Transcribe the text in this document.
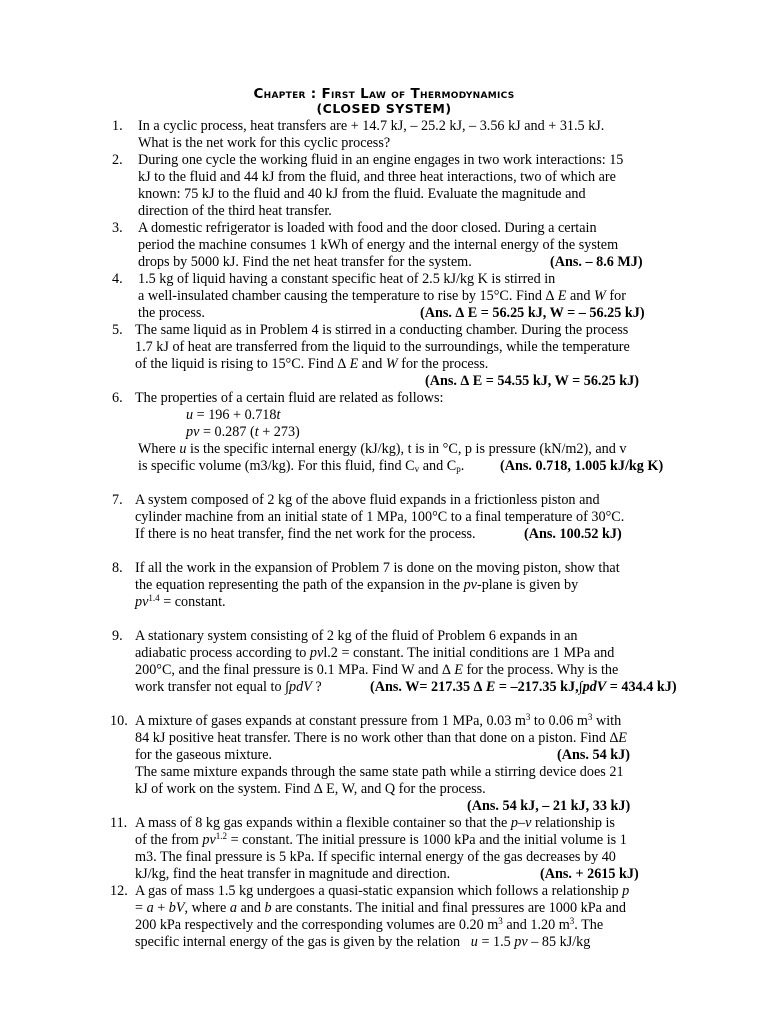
Chapter : First Law of Thermodynamics
(CLOSED SYSTEM)
1. In a cyclic process, heat transfers are + 14.7 kJ, – 25.2 kJ, – 3.56 kJ and + 31.5 kJ.
What is the net work for this cyclic process?
2. During one cycle the working fluid in an engine engages in two work interactions: 15
kJ to the fluid and 44 kJ from the fluid, and three heat interactions, two of which are
known: 75 kJ to the fluid and 40 kJ from the fluid. Evaluate the magnitude and
direction of the third heat transfer.
3. A domestic refrigerator is loaded with food and the door closed. During a certain
period the machine consumes 1 kWh of energy and the internal energy of the system
drops by 5000 kJ. Find the net heat transfer for the system.	(Ans. – 8.6 MJ)
4. 1.5 kg of liquid having a constant specific heat of 2.5 kJ/kg K is stirred in
a well-insulated chamber causing the temperature to rise by 15°C. Find ∆ E and W for
the process.	(Ans. ∆ E = 56.25 kJ, W = – 56.25 kJ)
5. The same liquid as in Problem 4 is stirred in a conducting chamber. During the process
1.7 kJ of heat are transferred from the liquid to the surroundings, while the temperature
of the liquid is rising to 15°C. Find ∆ E and W for the process.
(Ans. ∆ E = 54.55 kJ, W = 56.25 kJ)
6. The properties of a certain fluid are related as follows:
u = 196 + 0.718t
pv = 0.287 (t + 273)
Where u is the specific internal energy (kJ/kg), t is in °C, p is pressure (kN/m2), and v
is specific volume (m3/kg). For this fluid, find $C_v$ and $C_p$.	(Ans. 0.718, 1.005 kJ/kg K)
7. A system composed of 2 kg of the above fluid expands in a frictionless piston and
cylinder machine from an initial state of 1 MPa, 100°C to a final temperature of 30°C.
If there is no heat transfer, find the net work for the process.	(Ans. 100.52 kJ)
8. If all the work in the expansion of Problem 7 is done on the moving piston, show that
the equation representing the path of the expansion in the pv-plane is given by
$pv^{1.4}$ = constant.
9. A stationary system consisting of 2 kg of the fluid of Problem 6 expands in an
adiabatic process according to pvl.2 = constant. The initial conditions are 1 MPa and
200°C, and the final pressure is 0.1 MPa. Find W and ∆ E for the process. Why is the
work transfer not equal to ∫pdV ?	(Ans. W= 217.35 ∆ E = –217.35 kJ,∫pdV = 434.4 kJ)
10. A mixture of gases expands at constant pressure from 1 MPa, 0.03 $m^3$ to 0.06 $m^3$ with
84 kJ positive heat transfer. There is no work other than that done on a piston. Find ∆E
for the gaseous mixture.	(Ans. 54 kJ)
The same mixture expands through the same state path while a stirring device does 21
kJ of work on the system. Find ∆ E, W, and Q for the process.
(Ans. 54 kJ, – 21 kJ, 33 kJ)
11. A mass of 8 kg gas expands within a flexible container so that the p–v relationship is
of the from $pv^{1.2}$ = constant. The initial pressure is 1000 kPa and the initial volume is 1
m3. The final pressure is 5 kPa. If specific internal energy of the gas decreases by 40
kJ/kg, find the heat transfer in magnitude and direction.	(Ans. + 2615 kJ)
12. A gas of mass 1.5 kg undergoes a quasi-static expansion which follows a relationship p
= a + bV, where a and b are constants. The initial and final pressures are 1000 kPa and
200 kPa respectively and the corresponding volumes are 0.20 $m^3$ and 1.20 $m^3$. The
specific internal energy of the gas is given by the relation   u = 1.5 pv – 85 kJ/kg
